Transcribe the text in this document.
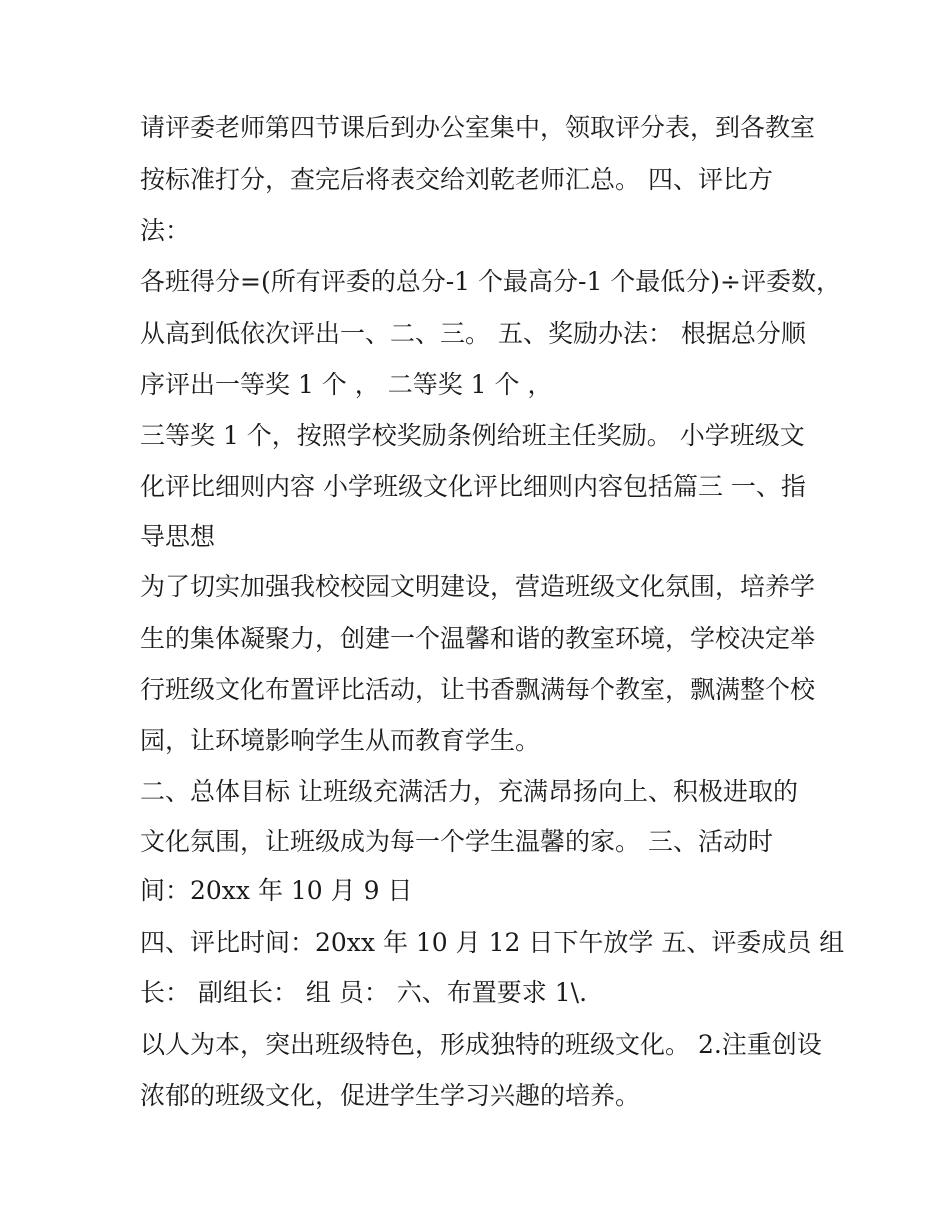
请评委老师第四节课后到办公室集中，领取评分表，到各教室
按标准打分，查完后将表交给刘乾老师汇总。 四、评比方
法：
各班得分=(所有评委的总分-1 个最高分-1 个最低分)÷评委数，
从高到低依次评出一、二、三。 五、奖励办法： 根据总分顺
序评出一等奖 1 个 ， 二等奖 1 个 ，
三等奖 1 个，按照学校奖励条例给班主任奖励。 小学班级文
化评比细则内容 小学班级文化评比细则内容包括篇三 一、指
导思想
为了切实加强我校校园文明建设，营造班级文化氛围，培养学
生的集体凝聚力，创建一个温馨和谐的教室环境，学校决定举
行班级文化布置评比活动，让书香飘满每个教室，飘满整个校
园，让环境影响学生从而教育学生。
二、总体目标 让班级充满活力，充满昂扬向上、积极进取的
文化氛围，让班级成为每一个学生温馨的家。 三、活动时
间：20xx 年 10 月 9 日
四、评比时间：20xx 年 10 月 12 日下午放学 五、评委成员 组
长： 副组长： 组 员： 六、布置要求 1\.
以人为本，突出班级特色，形成独特的班级文化。 2.注重创设
浓郁的班级文化，促进学生学习兴趣的培养。
